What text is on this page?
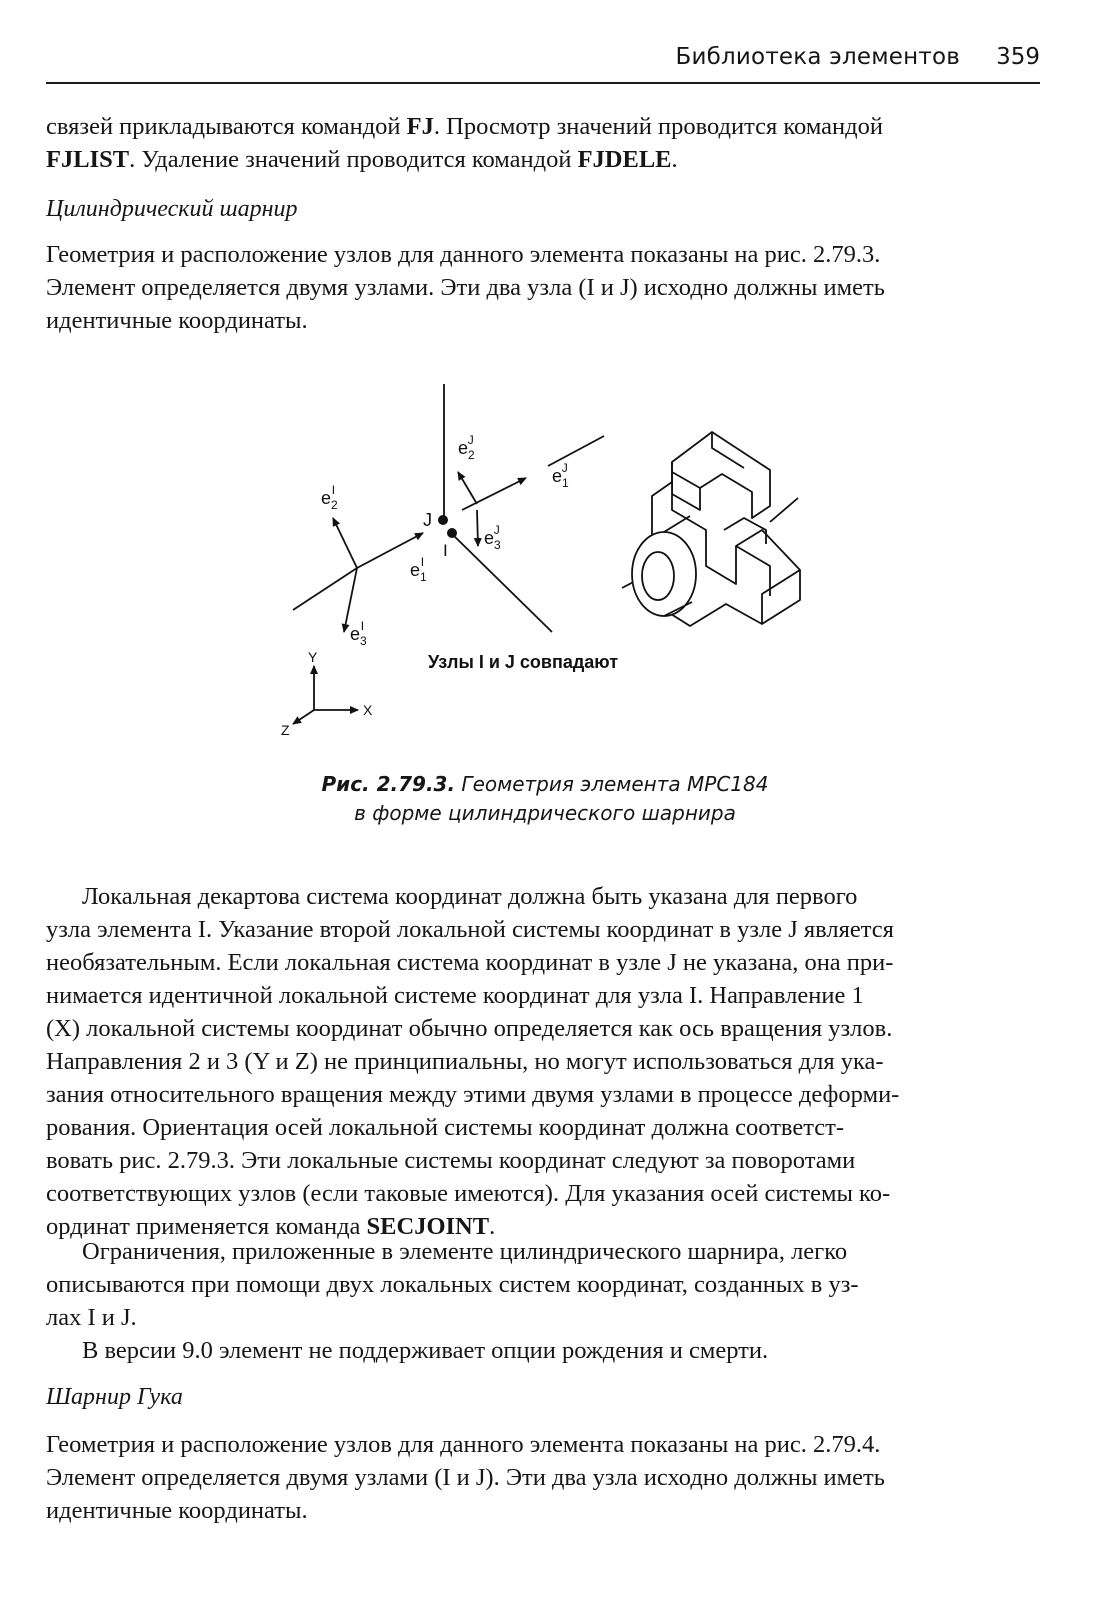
Библиотека элементов 359
связей прикладываются командой FJ. Просмотр значений проводится командой
FJLIST. Удаление значений проводится командой FJDELE.
Цилиндрический шарнир
Геометрия и расположение узлов для данного элемента показаны на рис. 2.79.3.
Элемент определяется двумя узлами. Эти два узла (I и J) исходно должны иметь
идентичные координаты.
$e_2J$
$e_1J$
$e_2I$
$e_3J$
$e_1I$
$e_3I$
J
I
Y
X
Z
Узлы I и J совпадают
Рис. 2.79.3. Геометрия элемента MPC184
в форме цилиндрического шарнира
Локальная декартова система координат должна быть указана для первого
узла элемента I. Указание второй локальной системы координат в узле J является
необязательным. Если локальная система координат в узле J не указана, она при-
нимается идентичной локальной системе координат для узла I. Направление 1
(X) локальной системы координат обычно определяется как ось вращения узлов.
Направления 2 и 3 (Y и Z) не принципиальны, но могут использоваться для ука-
зания относительного вращения между этими двумя узлами в процессе деформи-
рования. Ориентация осей локальной системы координат должна соответст-
вовать рис. 2.79.3. Эти локальные системы координат следуют за поворотами
соответствующих узлов (если таковые имеются). Для указания осей системы ко-
ординат применяется команда SECJOINT.
Ограничения, приложенные в элементе цилиндрического шарнира, легко
описываются при помощи двух локальных систем координат, созданных в уз-
лах I и J.
В версии 9.0 элемент не поддерживает опции рождения и смерти.
Шарнир Гука
Геометрия и расположение узлов для данного элемента показаны на рис. 2.79.4.
Элемент определяется двумя узлами (I и J). Эти два узла исходно должны иметь
идентичные координаты.
